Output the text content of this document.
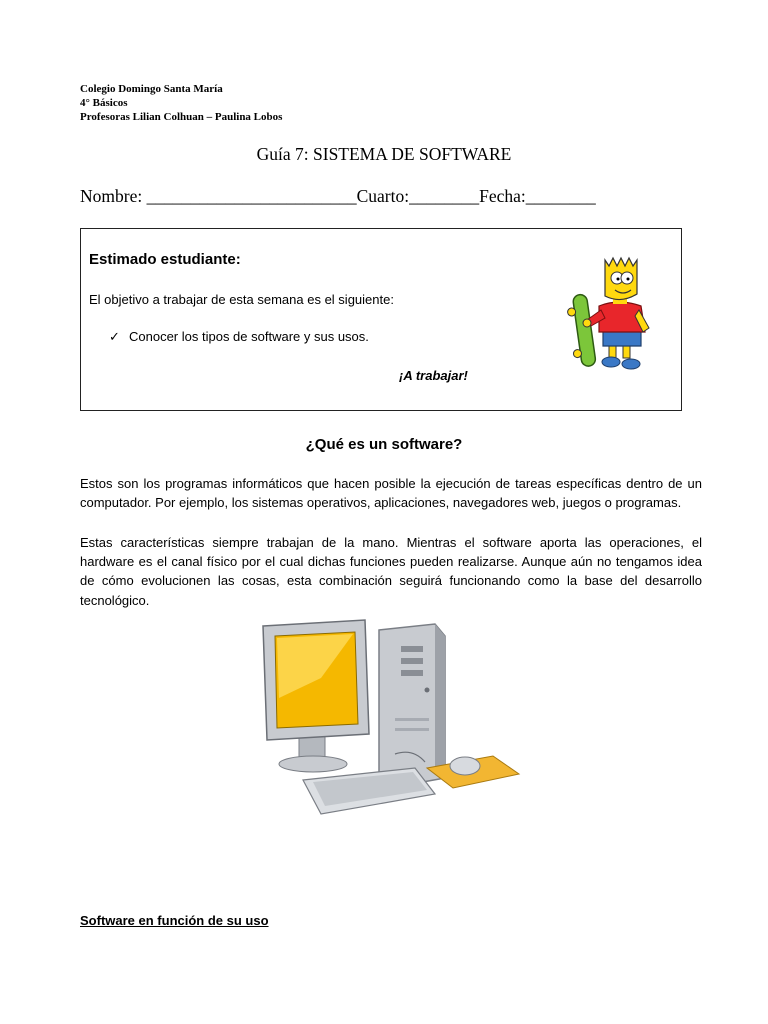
Colegio Domingo Santa María
4° Básicos
Profesoras Lilian Colhuan – Paulina Lobos
Guía 7: SISTEMA DE SOFTWARE
Nombre: ________________________Cuarto:________Fecha:________
Estimado estudiante:
El objetivo a trabajar de esta semana es el siguiente:
✓ Conocer los tipos de software y sus usos.
¡A trabajar!
¿Qué es un software?

Estos son los programas informáticos que hacen posible la ejecución de tareas específicas dentro de un computador. Por ejemplo, los sistemas operativos, aplicaciones, navegadores web, juegos o programas.

Estas características siempre trabajan de la mano. Mientras el software aporta las operaciones, el hardware es el canal físico por el cual dichas funciones pueden realizarse. Aunque aún no tengamos idea de cómo evolucionen las cosas, esta combinación seguirá funcionando como la base del desarrollo tecnológico.

Software en función de su uso
